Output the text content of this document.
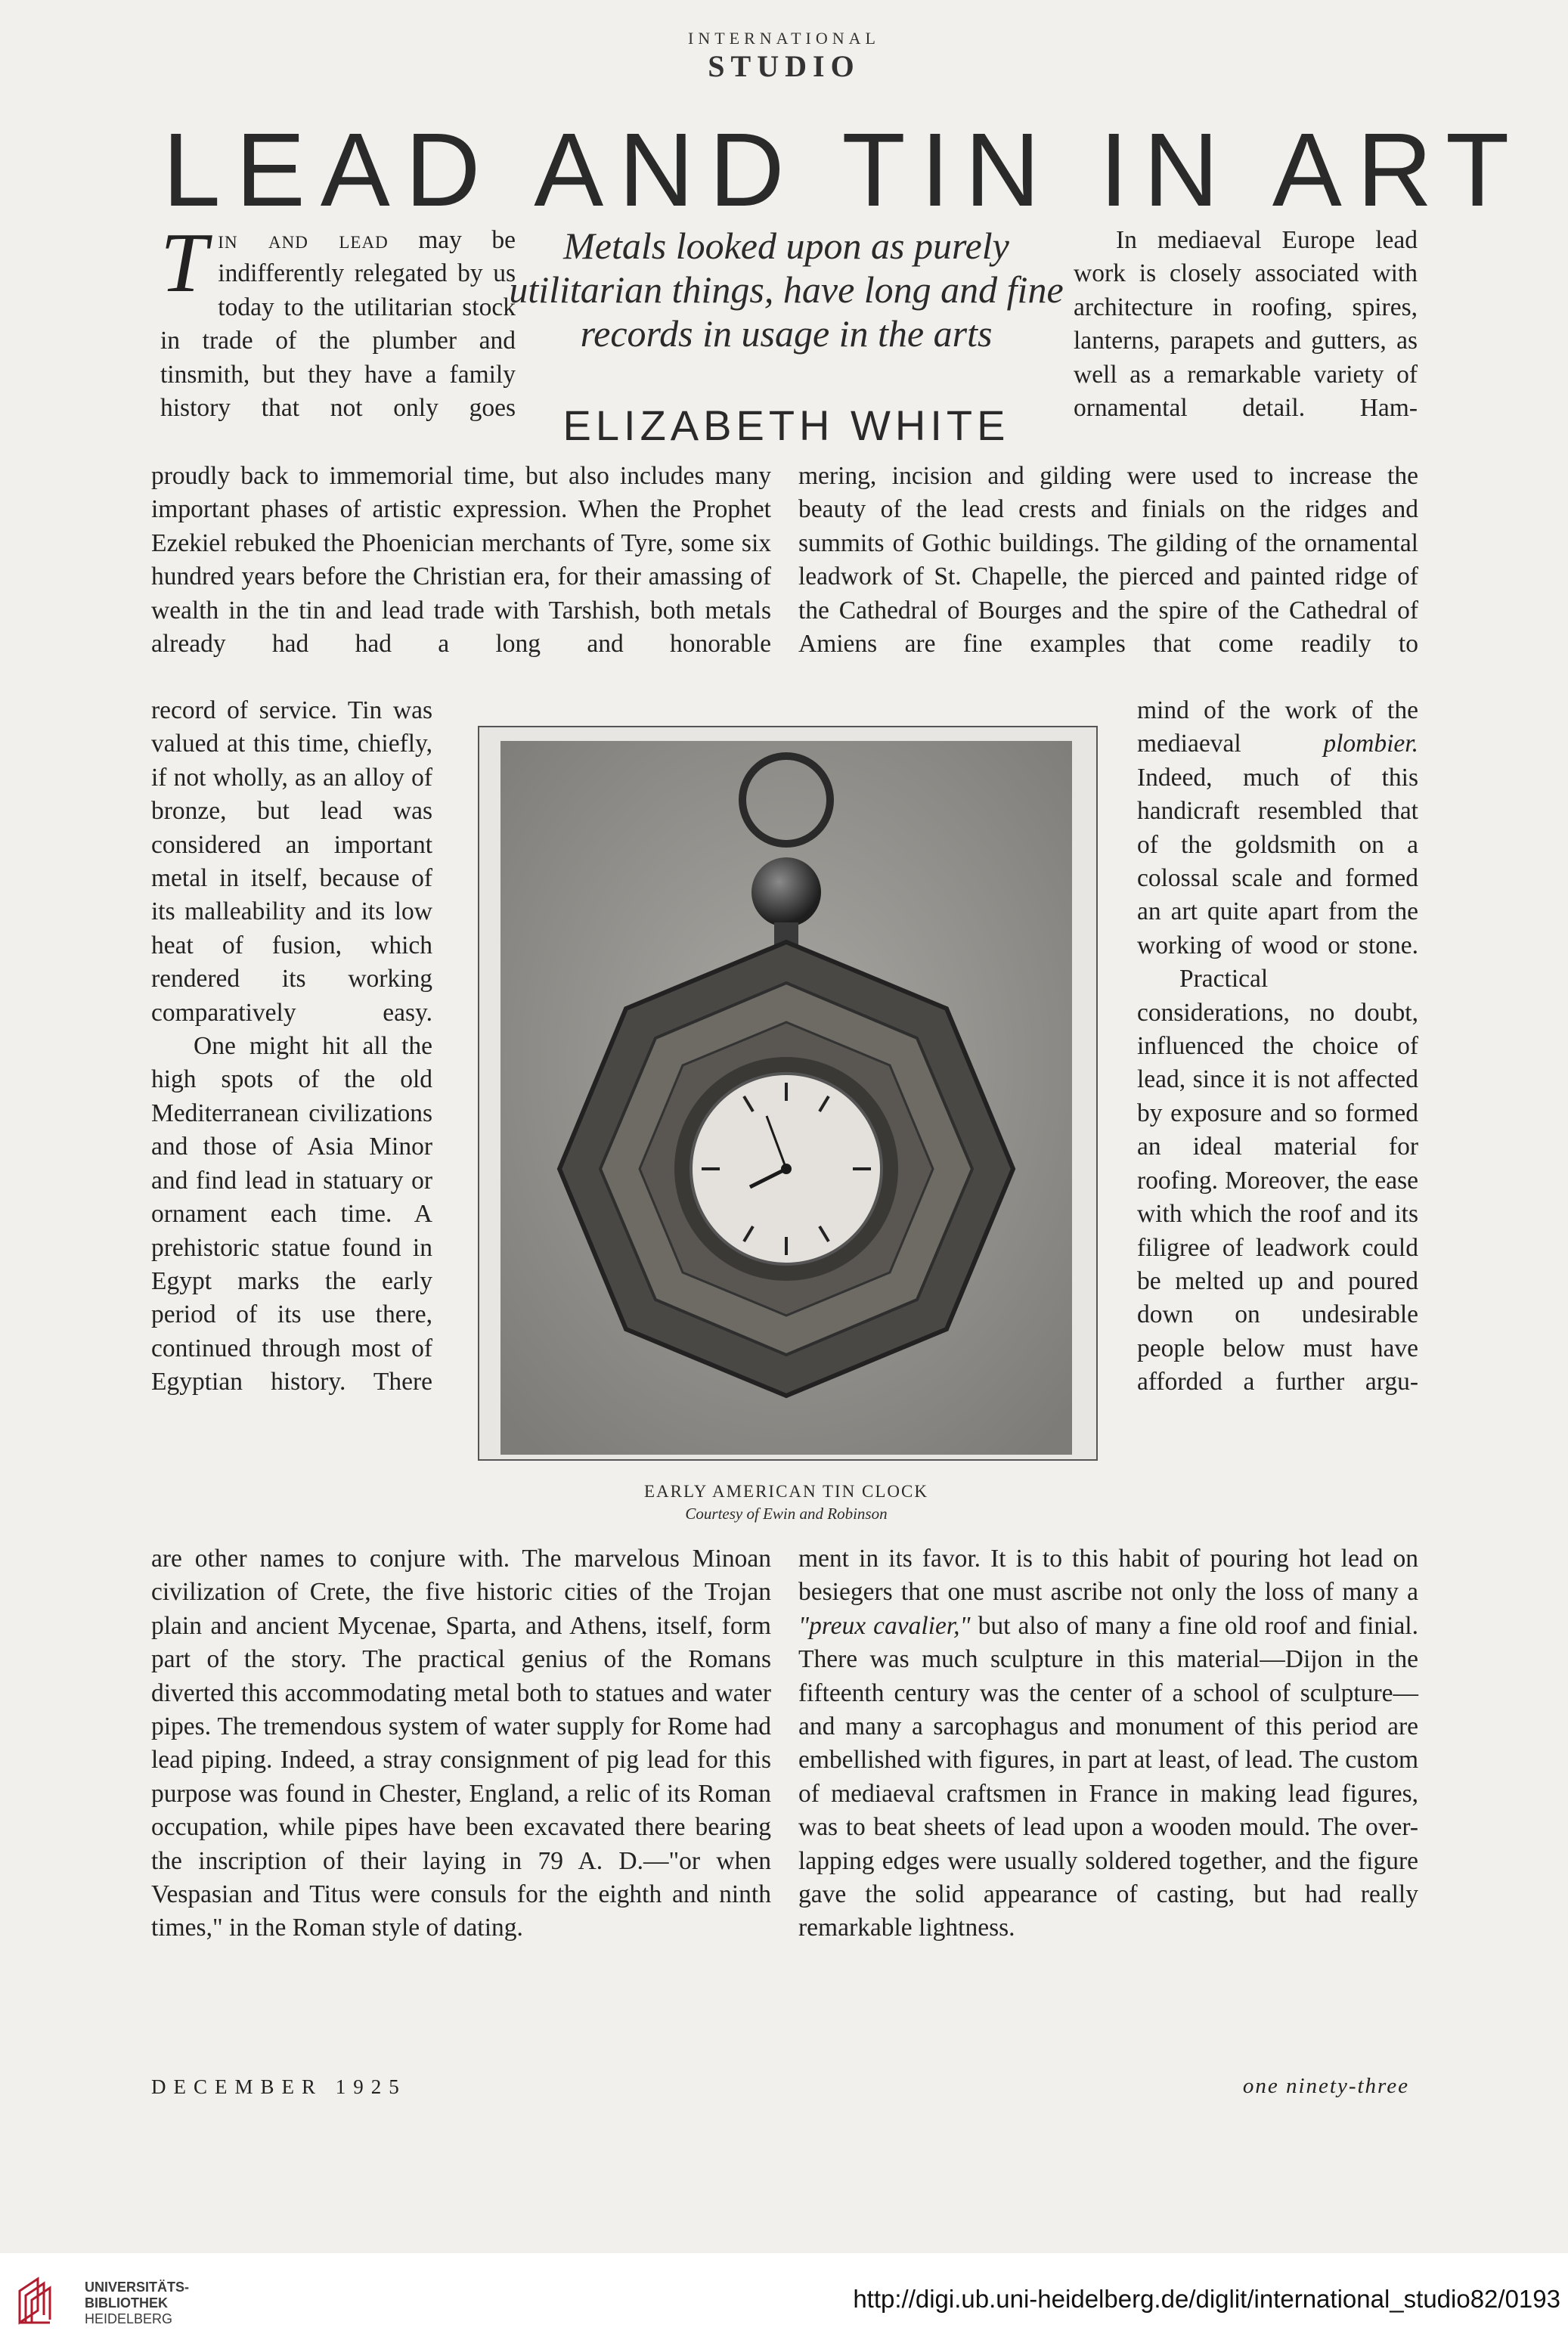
INTERNATIONAL
STUDIO
LEAD AND TIN IN ART
Metals looked upon as purely utilitarian things, have long and fine records in usage in the arts
ELIZABETH WHITE

Tin and lead may be indifferently relegated by us today to the utilitarian stock in trade of the plumber and tinsmith, but they have a family history that not only goes

proudly back to immemorial time, but also includes many important phases of artistic expression. When the Prophet Ezekiel rebuked the Phoenician merchants of Tyre, some six hundred years before the Christian era, for their amassing of wealth in the tin and lead trade with Tarshish, both metals already had had a long and honorable

record of service. Tin was valued at this time, chiefly, if not wholly, as an alloy of bronze, but lead was considered an important metal in itself, because of its malleability and its low heat of fusion, which rendered its working comparatively easy.

One might hit all the high spots of the old Mediterranean civilizations and those of Asia Minor and find lead in statuary or ornament each time. A prehistoric statue found in Egypt marks the early period of its use there, continued through most of Egyptian history. There

are other names to conjure with. The marvelous Minoan civilization of Crete, the five historic cities of the Trojan plain and ancient Mycenae, Sparta, and Athens, itself, form part of the story. The practical genius of the Romans diverted this accommodating metal both to statues and water pipes. The tremendous system of water supply for Rome had lead piping. Indeed, a stray consignment of pig lead for this purpose was found in Chester, England, a relic of its Roman occupation, while pipes have been excavated there bearing the inscription of their laying in 79 A. D.—"or when Vespasian and Titus were consuls for the eighth and ninth times," in the Roman style of dating.

In mediaeval Europe lead work is closely associated with architecture in roofing, spires, lanterns, parapets and gutters, as well as a remarkable variety of ornamental detail. Ham-

mering, incision and gilding were used to increase the beauty of the lead crests and finials on the ridges and summits of Gothic buildings. The gilding of the ornamental leadwork of St. Chapelle, the pierced and painted ridge of the Cathedral of Bourges and the spire of the Cathedral of Amiens are fine examples that come readily to

mind of the work of the mediaeval plombier. Indeed, much of this handicraft resembled that of the goldsmith on a colossal scale and formed an art quite apart from the working of wood or stone.

Practical considerations, no doubt, influenced the choice of lead, since it is not affected by exposure and so formed an ideal material for roofing. Moreover, the ease with which the roof and its filigree of leadwork could be melted up and poured down on undesirable people below must have afforded a further argu-

ment in its favor. It is to this habit of pouring hot lead on besiegers that one must ascribe not only the loss of many a "preux cavalier," but also of many a fine old roof and finial. There was much sculpture in this material—Dijon in the fifteenth century was the center of a school of sculpture—and many a sarcophagus and monument of this period are embellished with figures, in part at least, of lead. The custom of mediaeval craftsmen in France in making lead figures, was to beat sheets of lead upon a wooden mould. The over-lapping edges were usually soldered together, and the figure gave the solid appearance of casting, but had really remarkable lightness.

EARLY AMERICAN TIN CLOCK
Courtesy of Ewin and Robinson
DECEMBER 1925	one ninety-three
UNIVERSITÄTS-
BIBLIOTHEK
HEIDELBERG
http://digi.ub.uni-heidelberg.de/diglit/international_studio82/0193
